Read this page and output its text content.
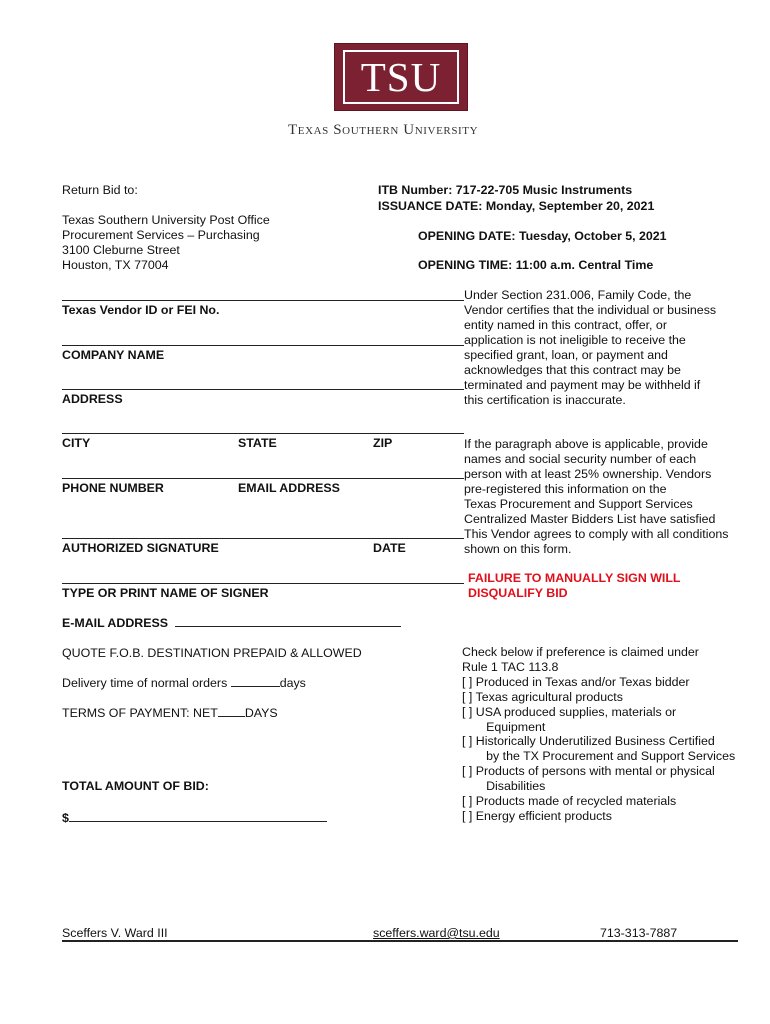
TSU
Texas Southern University
Return Bid to:
Texas Southern University Post Office
Procurement Services – Purchasing
3100 Cleburne Street
Houston, TX 77004
ITB Number: 717-22-705 Music Instruments
ISSUANCE DATE: Monday, September 20, 2021
OPENING DATE: Tuesday, October 5, 2021
OPENING TIME: 11:00 a.m. Central Time
Texas Vendor ID or FEI No.
COMPANY NAME
ADDRESS
CITY	STATE	ZIP
PHONE NUMBER	EMAIL ADDRESS
AUTHORIZED SIGNATURE	DATE
TYPE OR PRINT NAME OF SIGNER
E-MAIL ADDRESS
Under Section 231.006, Family Code, the
Vendor certifies that the individual or business
entity named in this contract, offer, or
application is not ineligible to receive the
specified grant, loan, or payment and
acknowledges that this contract may be
terminated and payment may be withheld if
this certification is inaccurate.
If the paragraph above is applicable, provide
names and social security number of each
person with at least 25% ownership. Vendors
pre-registered this information on the
Texas Procurement and Support Services
Centralized Master Bidders List have satisfied
This Vendor agrees to comply with all conditions
shown on this form.
FAILURE TO MANUALLY SIGN WILL
DISQUALIFY BID
QUOTE F.O.B. DESTINATION PREPAID & ALLOWED
Delivery time of normal orders	days
TERMS OF PAYMENT: NET DAYS
TOTAL AMOUNT OF BID:
$
Check below if preference is claimed under
Rule 1 TAC 113.8
[ ] Produced in Texas and/or Texas bidder
[ ] Texas agricultural products
[ ] USA produced supplies, materials or
Equipment
[ ] Historically Underutilized Business Certified
by the TX Procurement and Support Services
[ ] Products of persons with mental or physical
Disabilities
[ ] Products made of recycled materials
[ ] Energy efficient products
Sceffers V. Ward III	sceffers.ward@tsu.edu	713-313-7887
